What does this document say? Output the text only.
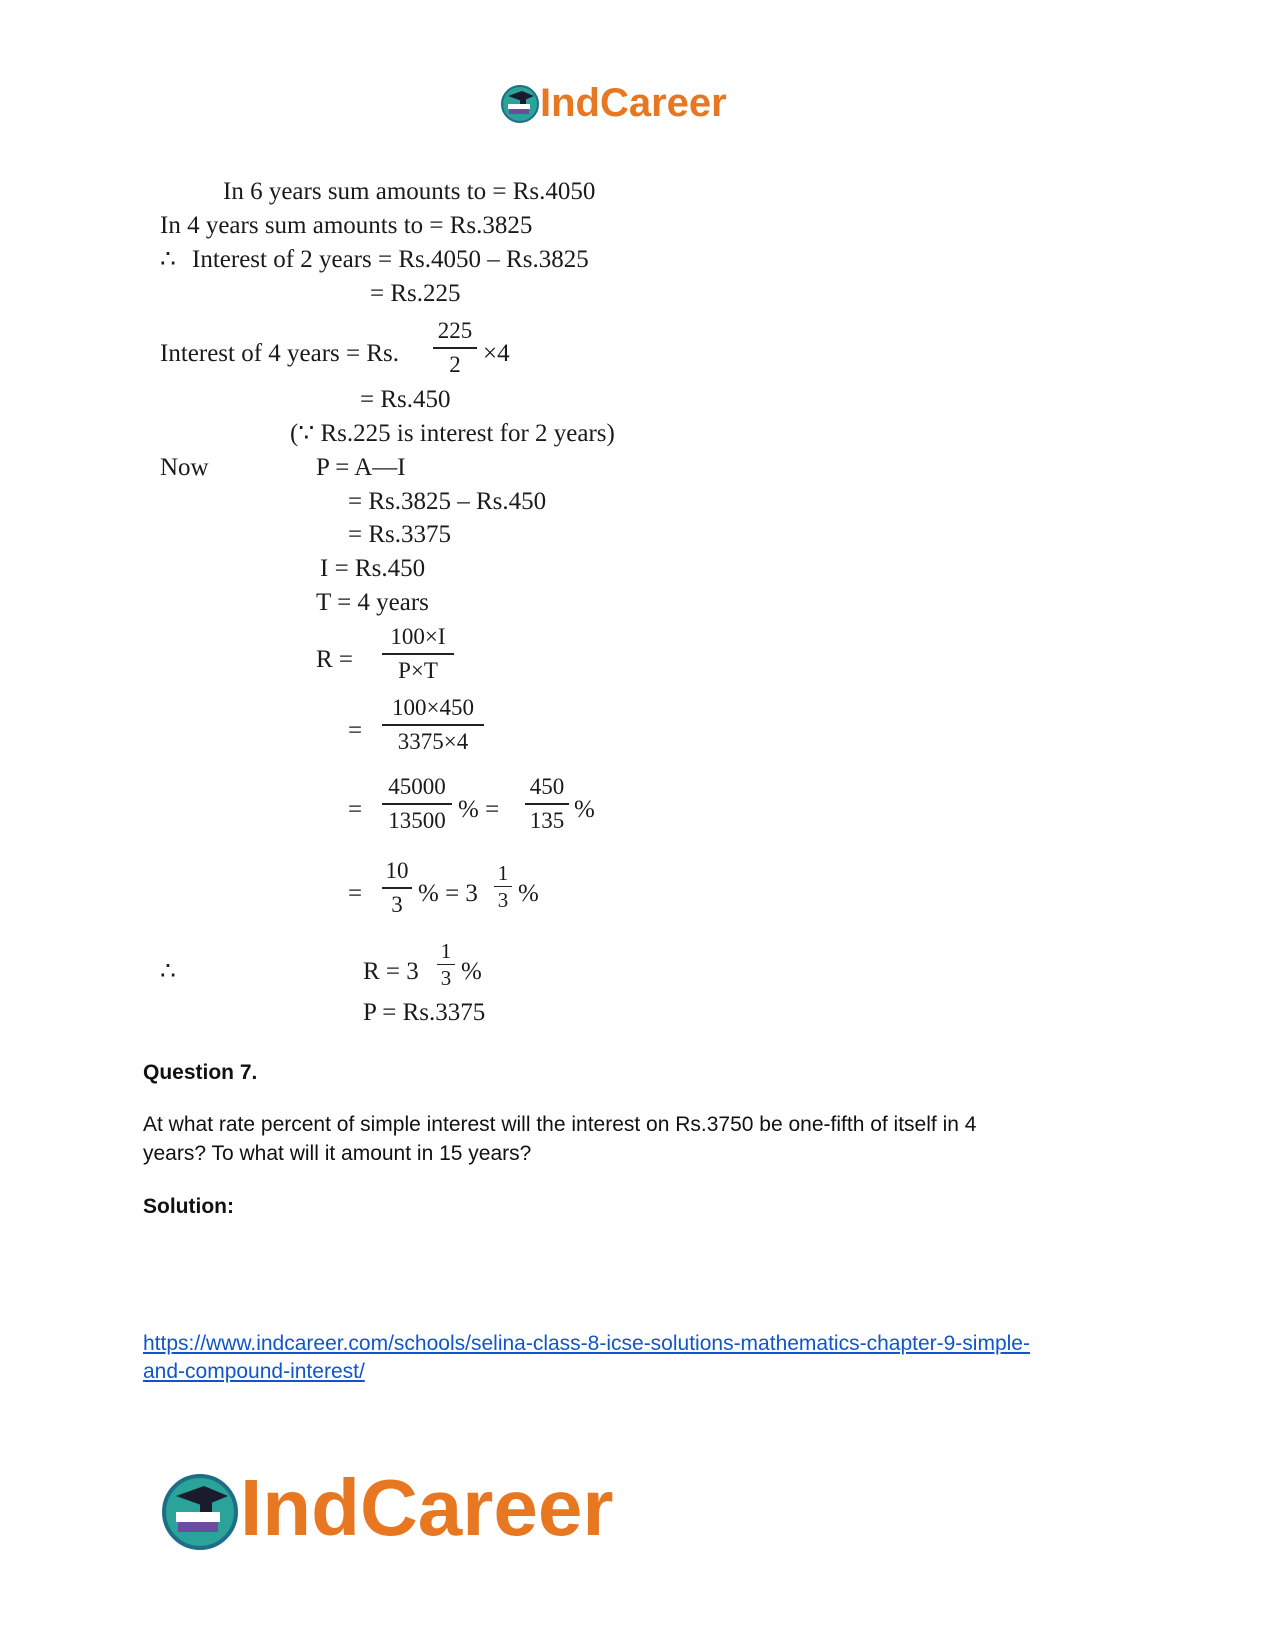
IndCareer
In 6 years sum amounts to = Rs.4050
In 4 years sum amounts to = Rs.3825
∴ Interest of 2 years = Rs.4050 – Rs.3825
= Rs.225
Interest of 4 years = Rs.
225
2 ×4
= Rs.450
(∵ Rs.225 is interest for 2 years)
Now	P = A—I
= Rs.3825 – Rs.450
= Rs.3375
I = Rs.450
T = 4 years
R =
100×I
P×T
=
100×450
3375×4
=
45000
13500 % =
450
135 %
=
10
3 % = 3
1
3 %
∴	R = 3
1
3 %
P = Rs.3375
Question 7.
At what rate percent of simple interest will the interest on Rs.3750 be one-fifth of itself in 4
years? To what will it amount in 15 years?
Solution:
https://www.indcareer.com/schools/selina-class-8-icse-solutions-mathematics-chapter-9-simple-
and-compound-interest/
IndCareer
